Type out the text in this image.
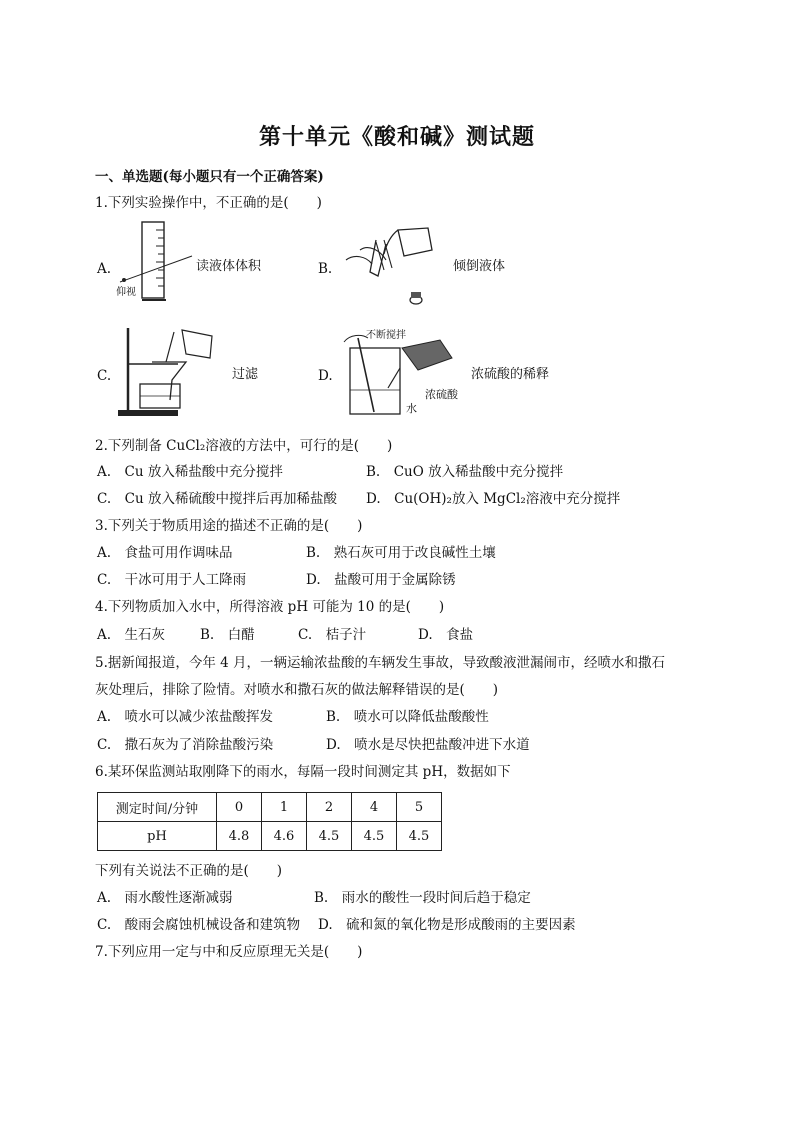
第十单元《酸和碱》测试题
一、单选题(每小题只有一个正确答案)
1.下列实验操作中，不正确的是( )
A.	读液体体积
仰视
B.	倾倒液体
C.	过滤	D.
不断搅拌
浓硫酸
水
浓硫酸的稀释
2.下列制备 CuCl₂溶液的方法中，可行的是( )
A.　Cu 放入稀盐酸中充分搅拌	B.　CuO 放入稀盐酸中充分搅拌
C.　Cu 放入稀硫酸中搅拌后再加稀盐酸 D.　Cu(OH)₂放入 MgCl₂溶液中充分搅拌
3.下列关于物质用途的描述不正确的是( )
A.　食盐可用作调味品	B.　熟石灰可用于改良碱性土壤
C.　干冰可用于人工降雨	D.　盐酸可用于金属除锈
4.下列物质加入水中，所得溶液 pH 可能为 10 的是( )
A.　生石灰	B.　白醋	C.　桔子汁	D.　食盐
5.据新闻报道，今年 4 月，一辆运输浓盐酸的车辆发生事故，导致酸液泄漏闹市，经喷水和撒石
灰处理后，排除了险情。对喷水和撒石灰的做法解释错误的是( )
A.　喷水可以减少浓盐酸挥发	B.　喷水可以降低盐酸酸性
C.　撒石灰为了消除盐酸污染	D.　喷水是尽快把盐酸冲进下水道
6.某环保监测站取刚降下的雨水，每隔一段时间测定其 pH，数据如下
测定时间/分钟	0	1	2	4	5
pH	4.8	4.6	4.5	4.5	4.5
下列有关说法不正确的是( )
A.　雨水酸性逐渐减弱	B.　雨水的酸性一段时间后趋于稳定
C.　酸雨会腐蚀机械设备和建筑物 D.　硫和氮的氧化物是形成酸雨的主要因素
7.下列应用一定与中和反应原理无关是( )
